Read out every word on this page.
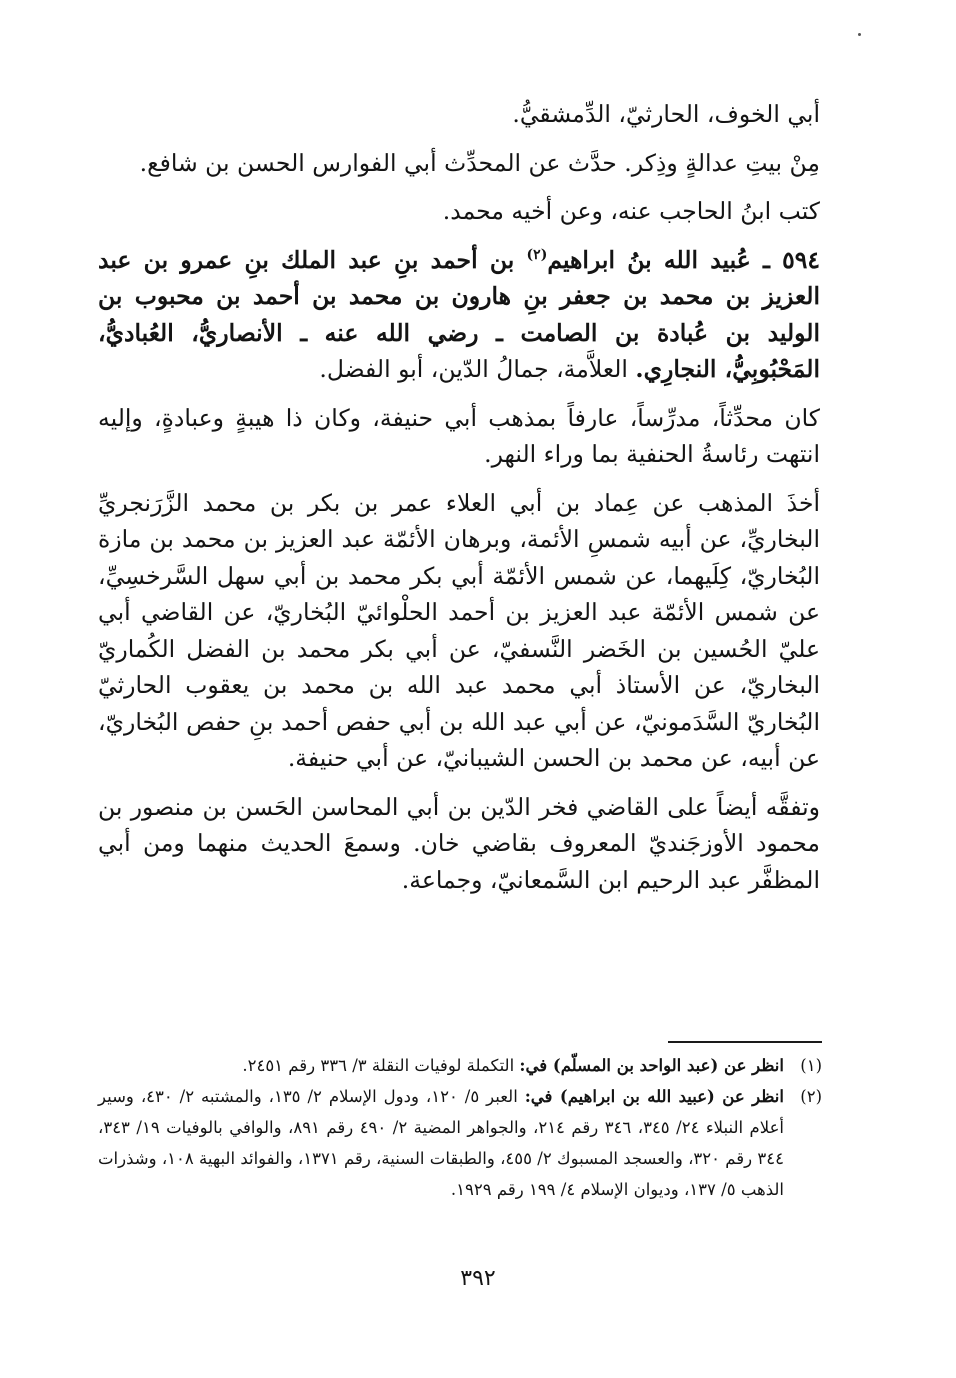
أبي الخوف، الحارثيّ، الدِّمشقيُّ.

مِنْ بيتِ عدالةٍ وذِكر. حدَّث عن المحدِّث أبي الفوارس الحسن بن شافع.

كتب ابنُ الحاجب عنه، وعن أخيه محمد.

٥٩٤ ـ عُبيد الله بنُ ابراهيم$^{(٢)}$ بن أحمد بنِ عبد الملك بنِ عمرو بن عبد العزيز بن محمد بن جعفر بنِ هارون بن محمد بن أحمد بن محبوب بن الوليد بن عُبادة بن الصامت ـ رضي الله عنه ـ الأنصاريُّ، العُباديُّ، المَحْبُوبِيُّ، النجارِي. العلاَّمة، جمالُ الدّين، أبو الفضل.

كان محدِّثاً، مدرِّساً، عارفاً بمذهب أبي حنيفة، وكان ذا هيبةٍ وعبادةٍ، وإليه انتهت رئاسةُ الحنفية بما وراء النهر.

أخذَ المذهب عن عِماد بن أبي العلاء عمر بن بكر بن محمد الزَّرَنجريِّ البخاريِّ، عن أبيه شمسِ الأئمة، وبرهان الأئمّة عبد العزيز بن محمد بن مازة البُخاريّ، كِلَيهما، عن شمس الأئمّة أبي بكر محمد بن أبي سهل السَّرخسِيِّ، عن شمس الأئمّة عبد العزيز بن أحمد الحلْوائيّ البُخاريّ، عن القاضي أبي عليّ الحُسين بن الخَضر النَّسفيّ، عن أبي بكر محمد بن الفضل الكُماريّ البخاريّ، عن الأستاذ أبي محمد عبد الله بن محمد بن يعقوب الحارثيّ البُخاريّ السَّدَمونيّ، عن أبي عبد الله بن أبي حفص أحمد بنِ حفص البُخاريّ، عن أبيه، عن محمد بن الحسن الشيبانيّ، عن أبي حنيفة.

وتفقَّه أيضاً على القاضي فخر الدّين بن أبي المحاسن الحَسن بن منصور بن محمود الأوزجَنديّ المعروف بقاضي خان. وسمعَ الحديث منهما ومن أبي المظفَّر عبد الرحيم ابن السَّمعانيّ، وجماعة.

(١)
انظر عن (عبد الواحد بن المسلّم) في: التكملة لوفيات النقلة ٣/ ٣٣٦ رقم ٢٤٥١.
(٢)
انظر عن (عبيد الله بن ابراهيم) في: العبر ٥/ ١٢٠، ودول الإسلام ٢/ ١٣٥، والمشتبه ٢/ ٤٣٠، وسير أعلام النبلاء ٢٤/ ٣٤٥، ٣٤٦ رقم ٢١٤، والجواهر المضية ٢/ ٤٩٠ رقم ٨٩١، والوافي بالوفيات ١٩/ ٣٤٣، ٣٤٤ رقم ٣٢٠، والعسجد المسبوك ٢/ ٤٥٥، والطبقات السنية، رقم ١٣٧١، والفوائد البهية ١٠٨، وشذرات الذهب ٥/ ١٣٧، وديوان الإسلام ٤/ ١٩٩ رقم ١٩٢٩.
٣٩٢
